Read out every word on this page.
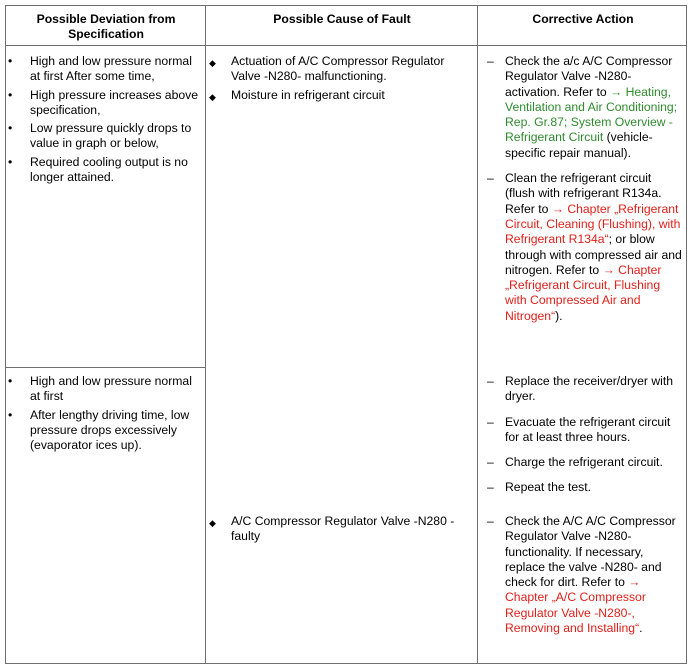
Possible Deviation from Specification
Possible Cause of Fault	Corrective Action
• High and low pressure normal at first After some time,
• High pressure increases above specification,
• Low pressure quickly drops to value in graph or below,
• Required cooling output is no longer attained.
• High and low pressure normal at first
• After lengthy driving time, low pressure drops excessively (evaporator ices up).
◆ Actuation of A/C Compressor Regulator Valve -N280- malfunctioning.
◆ Moisture in refrigerant circuit
◆ A/C Compressor Regulator Valve -N280 - faulty
– Check the a/c A/C Compressor Regulator Valve -N280- activation. Refer to → Heating, Ventilation and Air Conditioning; Rep. Gr.87; System Overview - Refrigerant Circuit (vehicle-specific repair manual).
– Clean the refrigerant circuit (flush with refrigerant R134a. Refer to → Chapter „Refrigerant Circuit, Cleaning (Flushing), with Refrigerant R134a“; or blow through with compressed air and nitrogen. Refer to → Chapter „Refrigerant Circuit, Flushing with Compressed Air and Nitrogen“).
– Replace the receiver/dryer with dryer.
– Evacuate the refrigerant circuit for at least three hours.
– Charge the refrigerant circuit.
– Repeat the test.
– Check the A/C A/C Compressor Regulator Valve -N280- functionality. If necessary, replace the valve -N280- and check for dirt. Refer to → Chapter „A/C Compressor Regulator Valve -N280-, Removing and Installing“.
